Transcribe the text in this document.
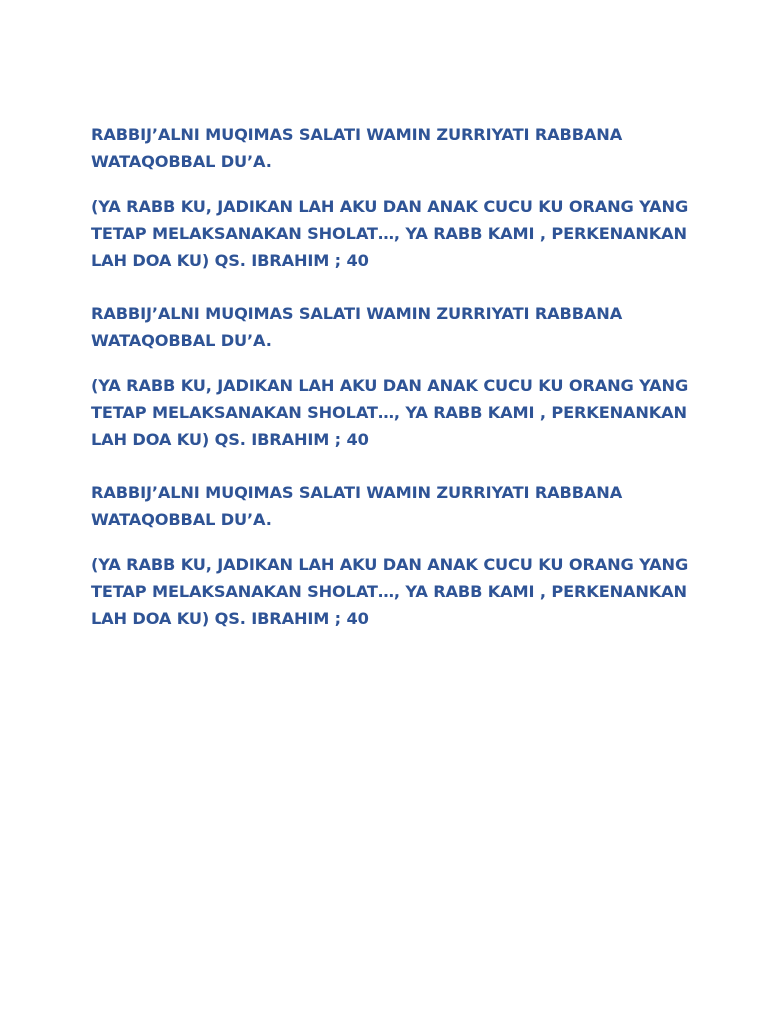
RABBIJ’ALNI MUQIMAS SALATI WAMIN ZURRIYATI RABBANA

WATAQOBBAL DU’A.

(YA RABB KU, JADIKAN LAH AKU DAN ANAK CUCU KU ORANG YANG

TETAP MELAKSANAKAN SHOLAT…, YA RABB KAMI , PERKENANKAN

LAH DOA KU) QS. IBRAHIM ; 40

RABBIJ’ALNI MUQIMAS SALATI WAMIN ZURRIYATI RABBANA

WATAQOBBAL DU’A.

(YA RABB KU, JADIKAN LAH AKU DAN ANAK CUCU KU ORANG YANG

TETAP MELAKSANAKAN SHOLAT…, YA RABB KAMI , PERKENANKAN

LAH DOA KU) QS. IBRAHIM ; 40

RABBIJ’ALNI MUQIMAS SALATI WAMIN ZURRIYATI RABBANA

WATAQOBBAL DU’A.

(YA RABB KU, JADIKAN LAH AKU DAN ANAK CUCU KU ORANG YANG

TETAP MELAKSANAKAN SHOLAT…, YA RABB KAMI , PERKENANKAN

LAH DOA KU) QS. IBRAHIM ; 40
